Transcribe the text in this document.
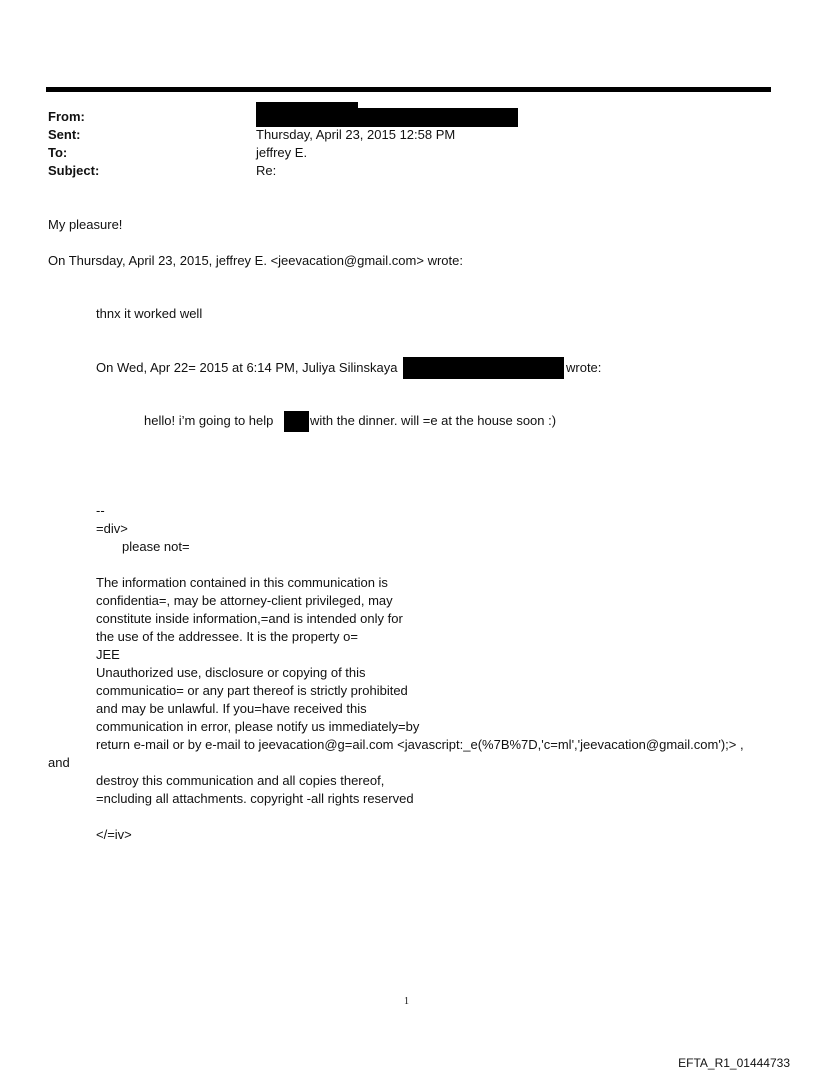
From:
Sent:	Thursday, April 23, 2015 12:58 PM
To:	jeffrey E.
Subject:	Re:
My pleasure!
On Thursday, April 23, 2015, jeffrey E. <jeevacation@gmail.com> wrote:
thnx it worked well
On Wed, Apr 22= 2015 at 6:14 PM, Juliya Silinskaya	wrote:
hello! i’m going to help	with the dinner. will =e at the house soon :)
--
=div>
please not=
The information contained in this communication is
confidentia=, may be attorney-client privileged, may
constitute inside information,=and is intended only for
the use of the addressee. It is the property o=
JEE
Unauthorized use, disclosure or copying of this
communicatio= or any part thereof is strictly prohibited
and may be unlawful. If you=have received this
communication in error, please notify us immediately=by
return e-mail or by e-mail to jeevacation@g=ail.com <javascript:_e(%7B%7D,'c=ml','jeevacation@gmail.com');> ,
and
destroy this communication and all copies thereof,
=ncluding all attachments. copyright -all rights reserved
</=iv>
1
EFTA_R1_01444733
